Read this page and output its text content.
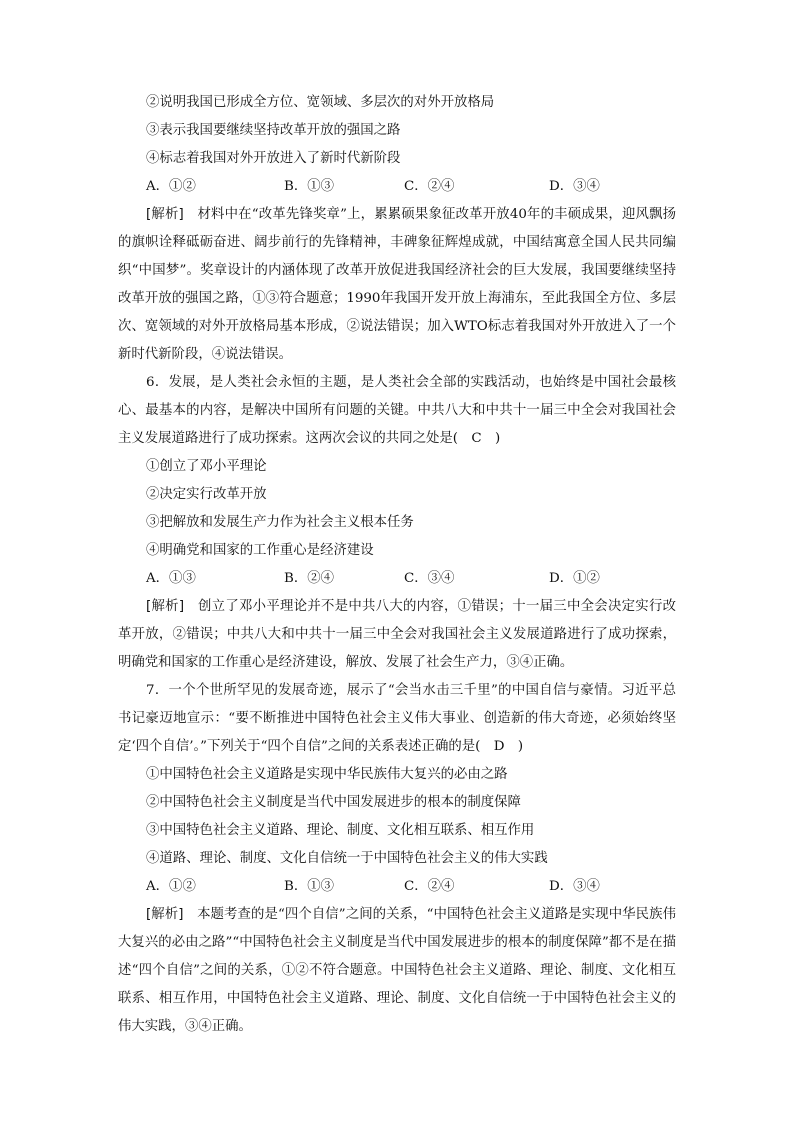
②说明我国已形成全方位、宽领域、多层次的对外开放格局
③表示我国要继续坚持改革开放的强国之路
④标志着我国对外开放进入了新时代新阶段
A．①②	B．①③	C．②④	D．③④
[解析]　 材料中在“改革先锋奖章”上，累累硕果象征改革开放40年的丰硕成果，迎风飘扬的旗帜诠释砥砺奋进、阔步前行的先锋精神，丰碑象征辉煌成就，中国结寓意全国人民共同编织“中国梦”。奖章设计的内涵体现了改革开放促进我国经济社会的巨大发展，我国要继续坚持改革开放的强国之路，①③符合题意；1990年我国开发开放上海浦东，至此我国全方位、多层次、宽领域的对外开放格局基本形成，②说法错误；加入WTO标志着我国对外开放进入了一个新时代新阶段，④说法错误。
6．发展，是人类社会永恒的主题，是人类社会全部的实践活动，也始终是中国社会最核心、最基本的内容，是解决中国所有问题的关键。中共八大和中共十一届三中全会对我国社会主义发展道路进行了成功探索。这两次会议的共同之处是(　C　)
①创立了邓小平理论
②决定实行改革开放
③把解放和发展生产力作为社会主义根本任务
④明确党和国家的工作重心是经济建设
A．①③	B．②④	C．③④	D．①②
[解析]　 创立了邓小平理论并不是中共八大的内容，①错误；十一届三中全会决定实行改革开放，②错误；中共八大和中共十一届三中全会对我国社会主义发展道路进行了成功探索，明确党和国家的工作重心是经济建设，解放、发展了社会生产力，③④正确。
7．一个个世所罕见的发展奇迹，展示了“会当水击三千里”的中国自信与豪情。习近平总书记豪迈地宣示：“要不断推进中国特色社会主义伟大事业、创造新的伟大奇迹，必须始终坚定‘四个自信’。”下列关于“四个自信”之间的关系表述正确的是(　D　)
①中国特色社会主义道路是实现中华民族伟大复兴的必由之路
②中国特色社会主义制度是当代中国发展进步的根本的制度保障
③中国特色社会主义道路、理论、制度、文化相互联系、相互作用
④道路、理论、制度、文化自信统一于中国特色社会主义的伟大实践
A．①②	B．①③	C．②④	D．③④
[解析]　 本题考查的是“四个自信”之间的关系，“中国特色社会主义道路是实现中华民族伟大复兴的必由之路”“中国特色社会主义制度是当代中国发展进步的根本的制度保障”都不是在描述“四个自信”之间的关系，①②不符合题意。中国特色社会主义道路、理论、制度、文化相互联系、相互作用，中国特色社会主义道路、理论、制度、文化自信统一于中国特色社会主义的伟大实践，③④正确。
